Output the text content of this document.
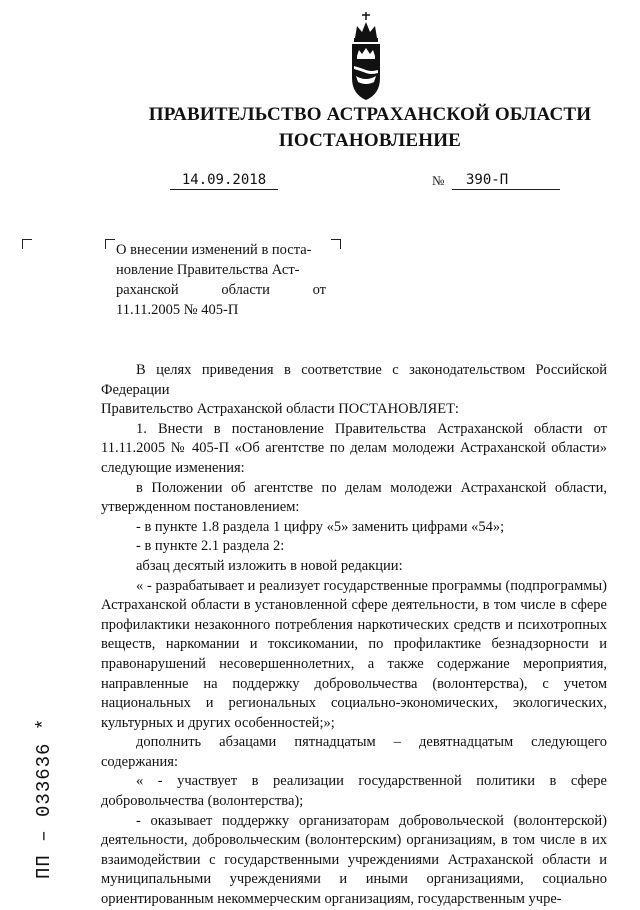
ПРАВИТЕЛЬСТВО АСТРАХАНСКОЙ ОБЛАСТИ
ПОСТАНОВЛЕНИЕ
14.09.2018	№	390-П
О внесении изменений в поста-
новление Правительства Аст-
раханской области от
11.11.2005 № 405-П

В целях приведения в соответствие с законодательством Российской Федерации

Правительство Астраханской области ПОСТАНОВЛЯЕТ:

1. Внести в постановление Правительства Астраханской области от 11.11.2005 № 405-П «Об агентстве по делам молодежи Астраханской области» следующие изменения:

в Положении об агентстве по делам молодежи Астраханской области, утвержденном постановлением:

- в пункте 1.8 раздела 1 цифру «5» заменить цифрами «54»;

- в пункте 2.1 раздела 2:

абзац десятый изложить в новой редакции:

« - разрабатывает и реализует государственные программы (подпрограммы) Астраханской области в установленной сфере деятельности, в том числе в сфере профилактики незаконного потребления наркотических средств и психотропных веществ, наркомании и токсикомании, по профилактике безнадзорности и правонарушений несовершеннолетних, а также содержание мероприятия, направленные на поддержку добровольчества (волонтерства), с учетом национальных и региональных социально-экономических, экологических, культурных и других особенностей;»;

дополнить абзацами пятнадцатым – девятнадцатым следующего содержания:

« - участвует в реализации государственной политики в сфере добровольчества (волонтерства);

- оказывает поддержку организаторам добровольческой (волонтерской) деятельности, добровольческим (волонтерским) организациям, в том числе в их взаимодействии с государственными учреждениями Астраханской области и муниципальными учреждениями и иными организациями, социально ориентированным некоммерческим организациям, государственным учре-

ПП – 033636 *
